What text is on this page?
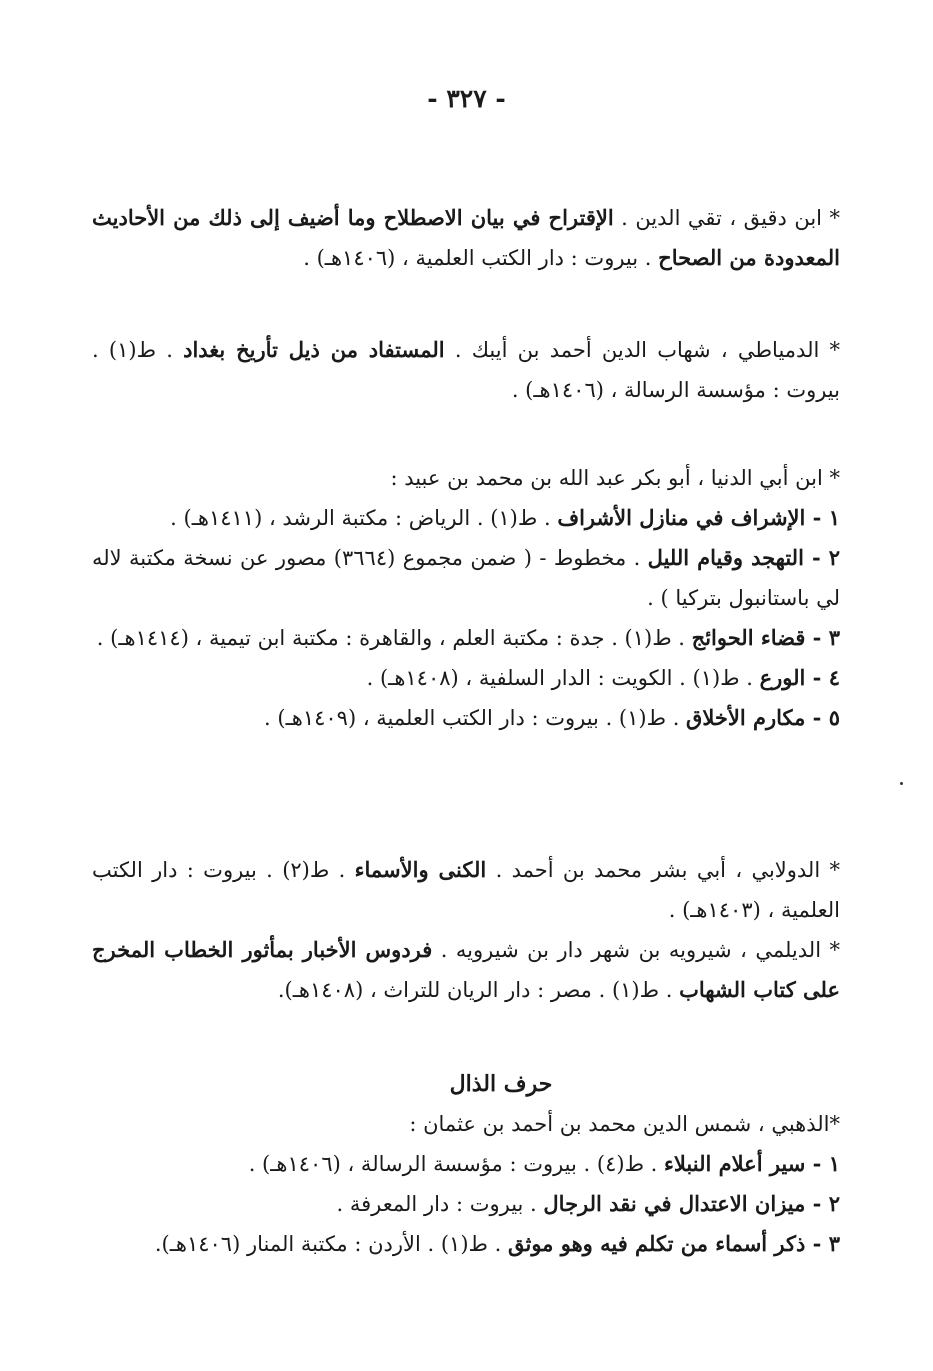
- ٣٢٧ -

* ابن دقيق ، تقي الدين . الإقتراح في بيان الاصطلاح وما أضيف إلى ذلك من الأحاديث المعدودة من الصحاح . بيروت : دار الكتب العلمية ، (١٤٠٦هـ) .

* الدمياطي ، شهاب الدين أحمد بن أيبك . المستفاد من ذيل تأريخ بغداد . ط(١) . بيروت : مؤسسة الرسالة ، (١٤٠٦هـ) .

* ابن أبي الدنيا ، أبو بكر عبد الله بن محمد بن عبيد :

١ - الإشراف في منازل الأشراف . ط(١) . الرياض : مكتبة الرشد ، (١٤١١هـ) .

٢ - التهجد وقيام الليل . مخطوط - ( ضمن مجموع (٣٦٦٤) مصور عن نسخة مكتبة لاله لي باستانبول بتركيا ) .

٣ - قضاء الحوائج . ط(١) . جدة : مكتبة العلم ، والقاهرة : مكتبة ابن تيمية ، (١٤١٤هـ) .

٤ - الورع . ط(١) . الكويت : الدار السلفية ، (١٤٠٨هـ) .

٥ - مكارم الأخلاق . ط(١) . بيروت : دار الكتب العلمية ، (١٤٠٩هـ) .

* الدولابي ، أبي بشر محمد بن أحمد . الكنى والأسماء . ط(٢) . بيروت : دار الكتب العلمية ، (١٤٠٣هـ) .

* الديلمي ، شيرويه بن شهر دار بن شيرويه . فردوس الأخبار بمأثور الخطاب المخرج على كتاب الشهاب . ط(١) . مصر : دار الريان للتراث ، (١٤٠٨هـ).

حرف الذال

*الذهبي ، شمس الدين محمد بن أحمد بن عثمان :

١ - سير أعلام النبلاء . ط(٤) . بيروت : مؤسسة الرسالة ، (١٤٠٦هـ) .

٢ - ميزان الاعتدال في نقد الرجال . بيروت : دار المعرفة .

٣ - ذكر أسماء من تكلم فيه وهو موثق . ط(١) . الأردن : مكتبة المنار (١٤٠٦هـ).
